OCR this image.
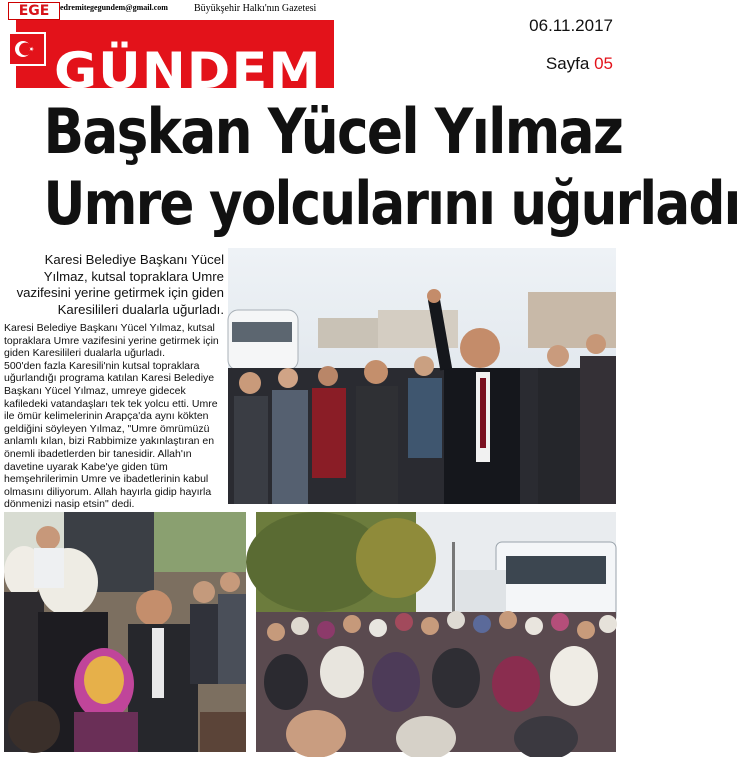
EGE	edremitegegundem@gmail.com	Büyükşehir Halkı'nın Gazetesi
GÜNDEM
06.11.2017
Sayfa 05
Başkan Yücel Yılmaz
Umre yolcularını uğurladı
Karesi Belediye Başkanı Yücel Yılmaz, kutsal topraklara Umre vazifesini yerine getirmek için giden Karesilileri dualarla uğurladı.

Karesi Belediye Başkanı Yücel Yılmaz, kutsal topraklara Umre vazifesini yerine getirmek için giden Karesilileri dualarla uğurladı.

500'den fazla Karesili'nin kutsal topraklara uğurlandığı programa katılan Karesi Belediye Başkanı Yücel Yılmaz, umreye gidecek kafiledeki vatandaşları tek tek yolcu etti. Umre ile ömür kelimelerinin Arapça'da aynı kökten geldiğini söyleyen Yılmaz, "Umre ömrümüzü anlamlı kılan, bizi Rabbimize yakınlaştıran en önemli ibadetlerden bir tanesidir. Allah'ın davetine uyarak Kabe'ye giden tüm hemşehrilerimin Umre ve ibadetlerinin kabul olmasını diliyorum. Allah hayırla gidip hayırla dönmenizi nasip etsin" dedi.
